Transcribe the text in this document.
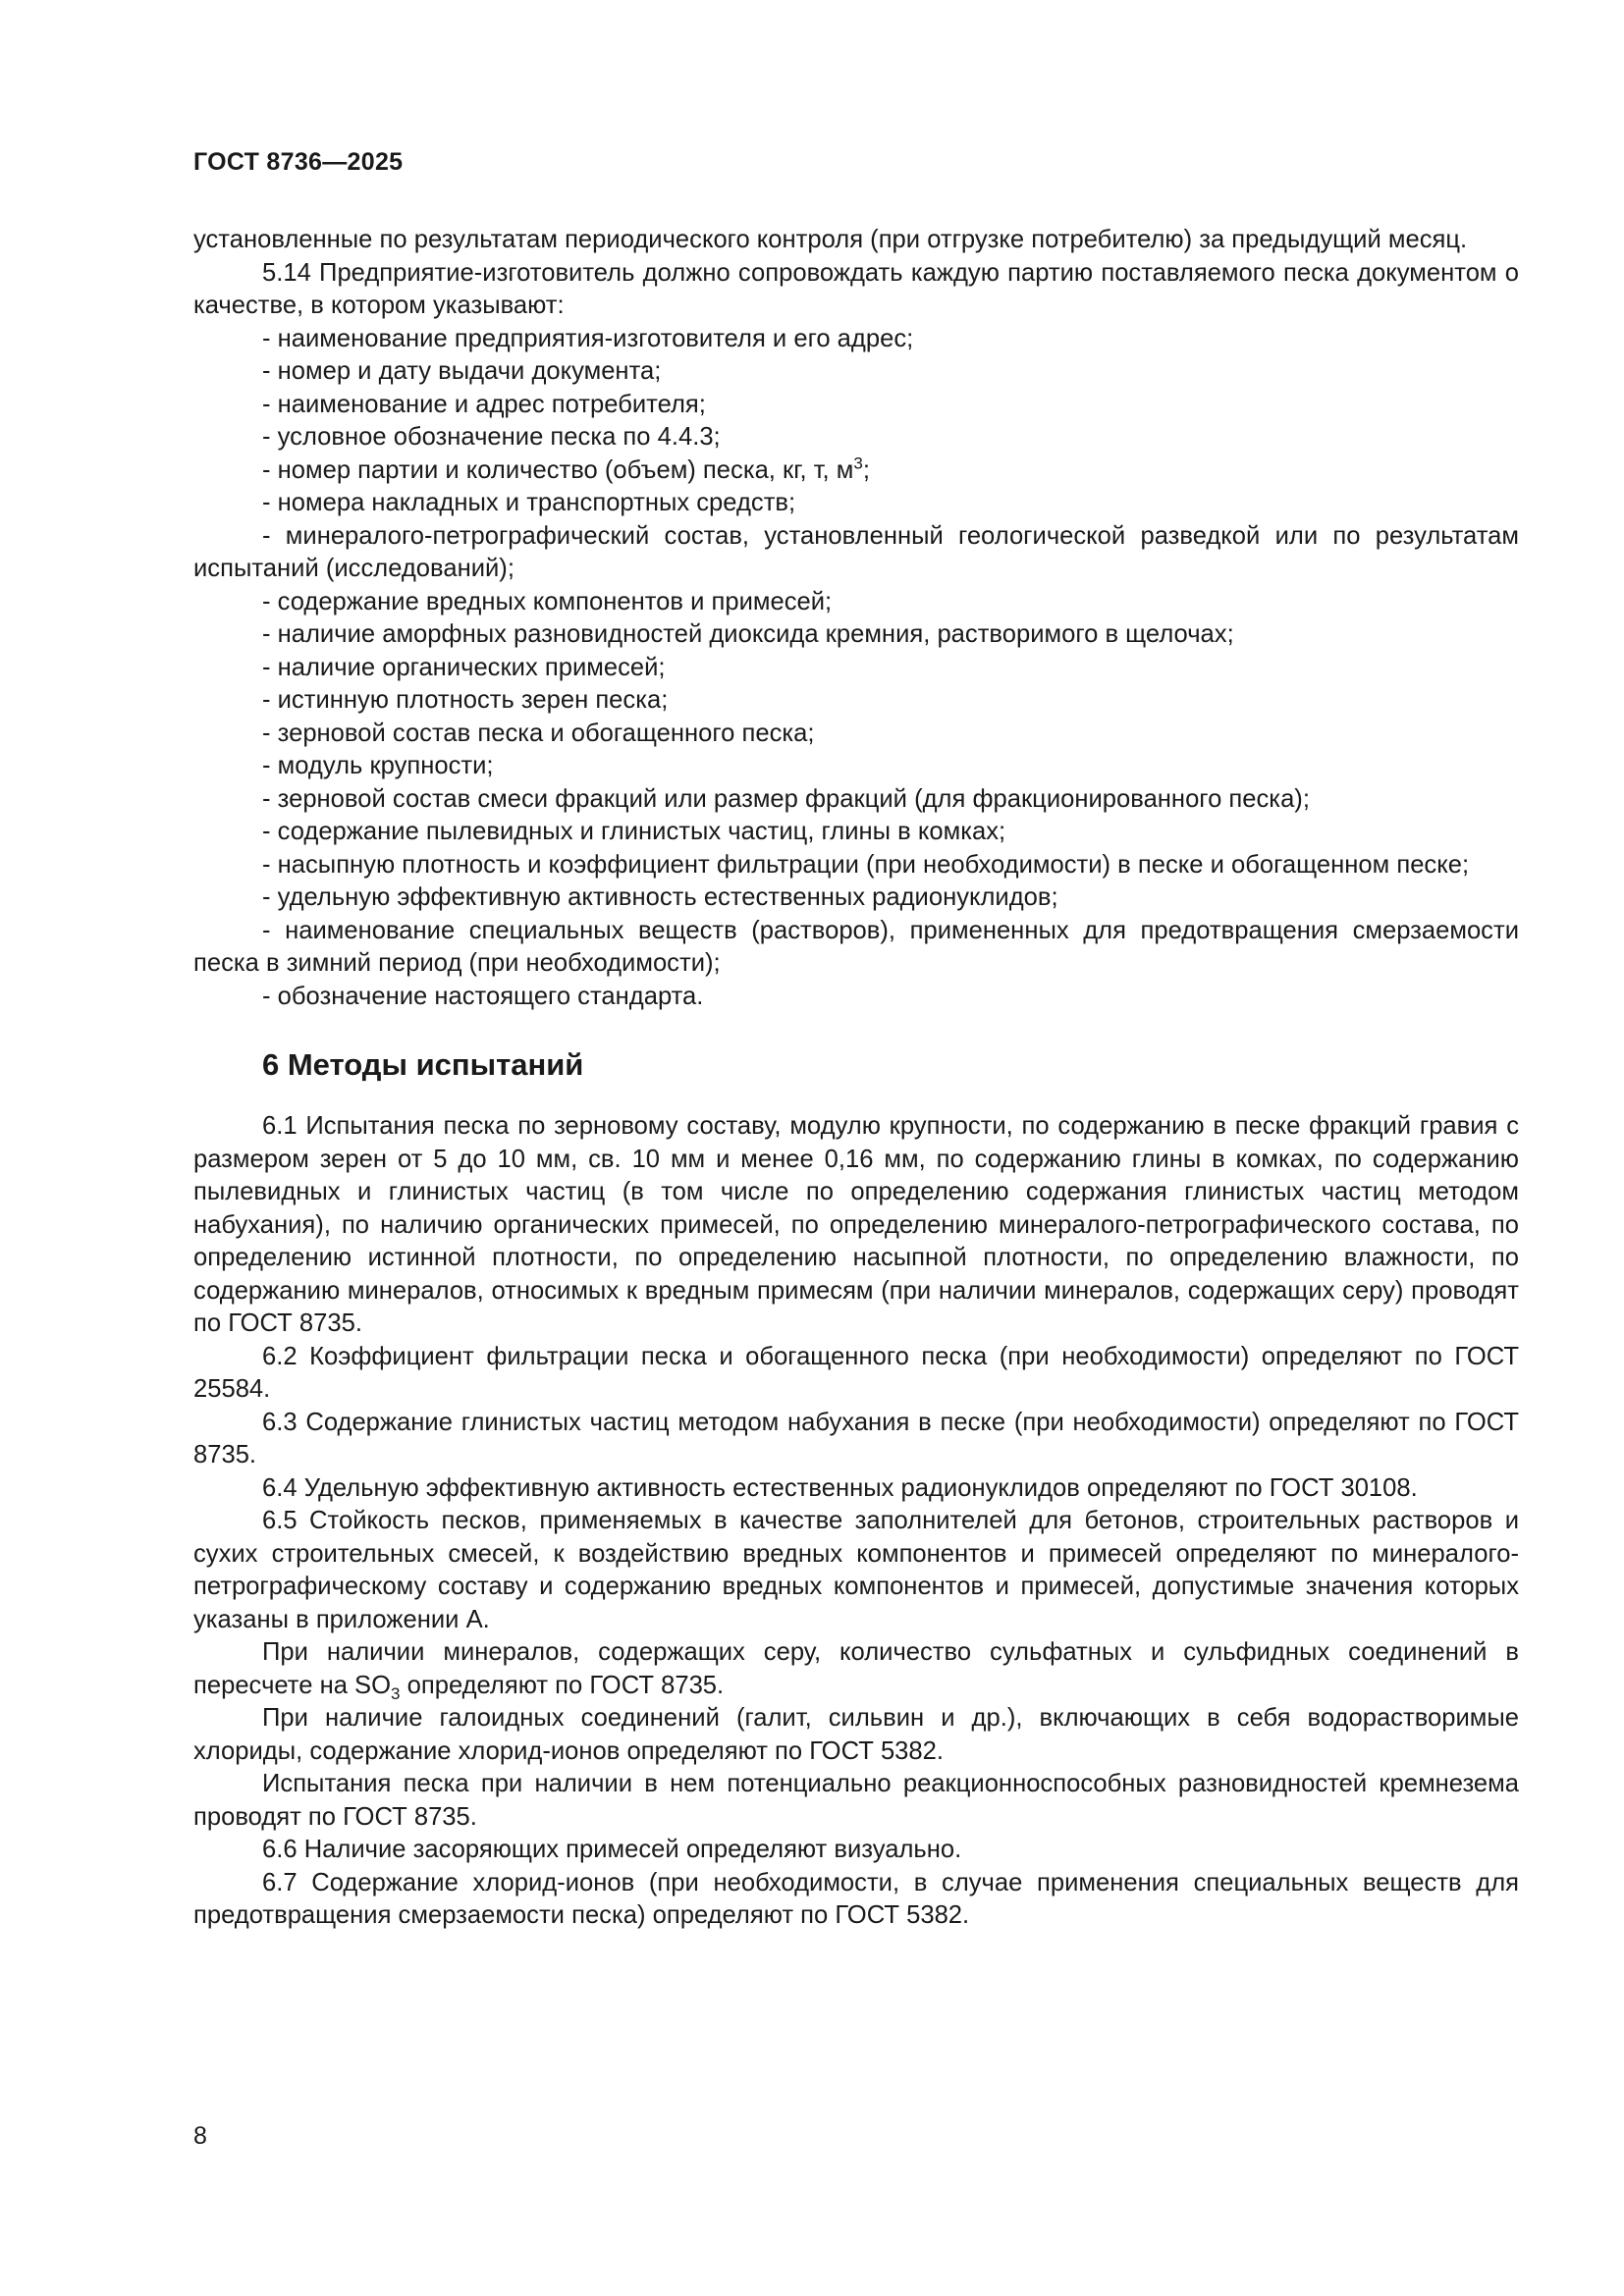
ГОСТ 8736—2025

установленные по результатам периодического контроля (при отгрузке потребителю) за предыдущий месяц.

5.14 Предприятие-изготовитель должно сопровождать каждую партию поставляемого песка документом о качестве, в котором указывают:

- наименование предприятия-изготовителя и его адрес;

- номер и дату выдачи документа;

- наименование и адрес потребителя;

- условное обозначение песка по 4.4.3;

- номер партии и количество (объем) песка, кг, т, $м^3$;

- номера накладных и транспортных средств;

- минералого-петрографический состав, установленный геологической разведкой или по результатам испытаний (исследований);

- содержание вредных компонентов и примесей;

- наличие аморфных разновидностей диоксида кремния, растворимого в щелочах;

- наличие органических примесей;

- истинную плотность зерен песка;

- зерновой состав песка и обогащенного песка;

- модуль крупности;

- зерновой состав смеси фракций или размер фракций (для фракционированного песка);

- содержание пылевидных и глинистых частиц, глины в комках;

- насыпную плотность и коэффициент фильтрации (при необходимости) в песке и обогащенном песке;

- удельную эффективную активность естественных радионуклидов;

- наименование специальных веществ (растворов), примененных для предотвращения смерзаемости песка в зимний период (при необходимости);

- обозначение настоящего стандарта.

6 Методы испытаний

6.1 Испытания песка по зерновому составу, модулю крупности, по содержанию в песке фракций гравия с размером зерен от 5 до 10 мм, св. 10 мм и менее 0,16 мм, по содержанию глины в комках, по содержанию пылевидных и глинистых частиц (в том числе по определению содержания глинистых частиц методом набухания), по наличию органических примесей, по определению минералого-петрографического состава, по определению истинной плотности, по определению насыпной плотности, по определению влажности, по содержанию минералов, относимых к вредным примесям (при наличии минералов, содержащих серу) проводят по ГОСТ 8735.

6.2 Коэффициент фильтрации песка и обогащенного песка (при необходимости) определяют по ГОСТ 25584.

6.3 Содержание глинистых частиц методом набухания в песке (при необходимости) определяют по ГОСТ 8735.

6.4 Удельную эффективную активность естественных радионуклидов определяют по ГОСТ 30108.

6.5 Стойкость песков, применяемых в качестве заполнителей для бетонов, строительных растворов и сухих строительных смесей, к воздействию вредных компонентов и примесей определяют по минералого-петрографическому составу и содержанию вредных компонентов и примесей, допустимые значения которых указаны в приложении А.

При наличии минералов, содержащих серу, количество сульфатных и сульфидных соединений в пересчете на $SO_3$ определяют по ГОСТ 8735.

При наличие галоидных соединений (галит, сильвин и др.), включающих в себя водорастворимые хлориды, содержание хлорид-ионов определяют по ГОСТ 5382.

Испытания песка при наличии в нем потенциально реакционноспособных разновидностей кремнезема проводят по ГОСТ 8735.

6.6 Наличие засоряющих примесей определяют визуально.

6.7 Содержание хлорид-ионов (при необходимости, в случае применения специальных веществ для предотвращения смерзаемости песка) определяют по ГОСТ 5382.

8
